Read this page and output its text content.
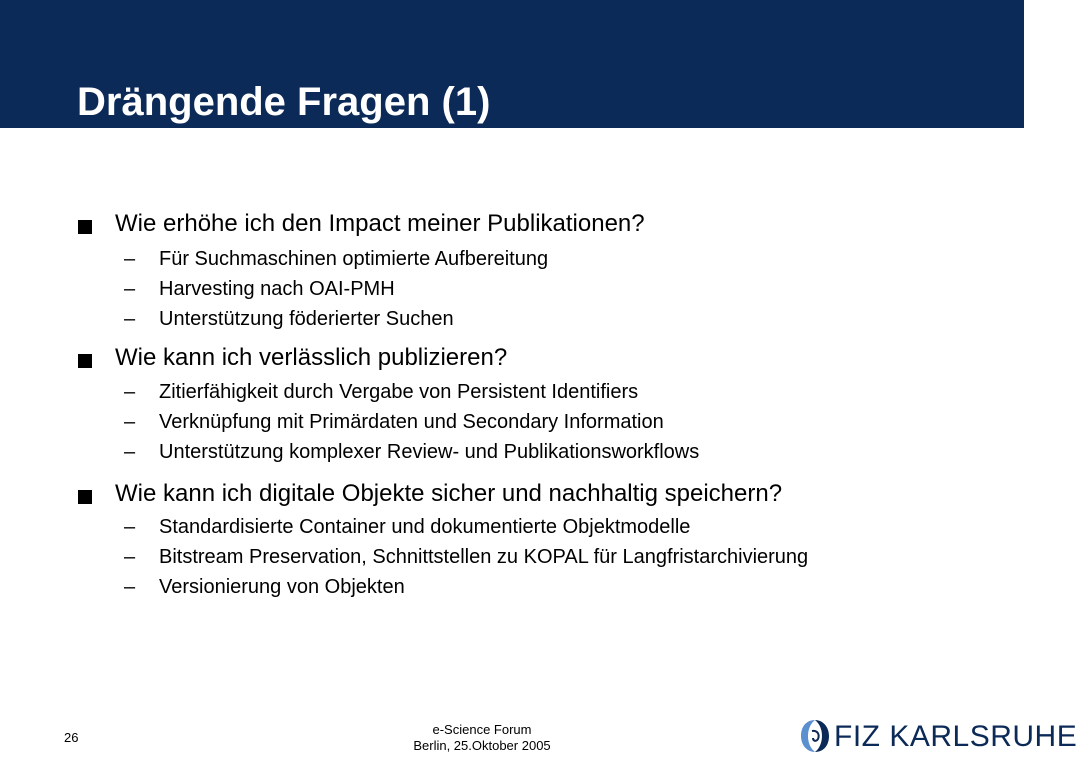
Drängende Fragen (1)
Wie erhöhe ich den Impact meiner Publikationen?
– Für Suchmaschinen optimierte Aufbereitung
– Harvesting nach OAI-PMH
– Unterstützung föderierter Suchen
Wie kann ich verlässlich publizieren?
– Zitierfähigkeit durch Vergabe von Persistent Identifiers
– Verknüpfung mit Primärdaten und Secondary Information
– Unterstützung komplexer Review- und Publikationsworkflows
Wie kann ich digitale Objekte sicher und nachhaltig speichern?
– Standardisierte Container und dokumentierte Objektmodelle
– Bitstream Preservation, Schnittstellen zu KOPAL für Langfristarchivierung
– Versionierung von Objekten
26
e-Science Forum
Berlin, 25.Oktober 2005	FIZ KARLSRUHE
